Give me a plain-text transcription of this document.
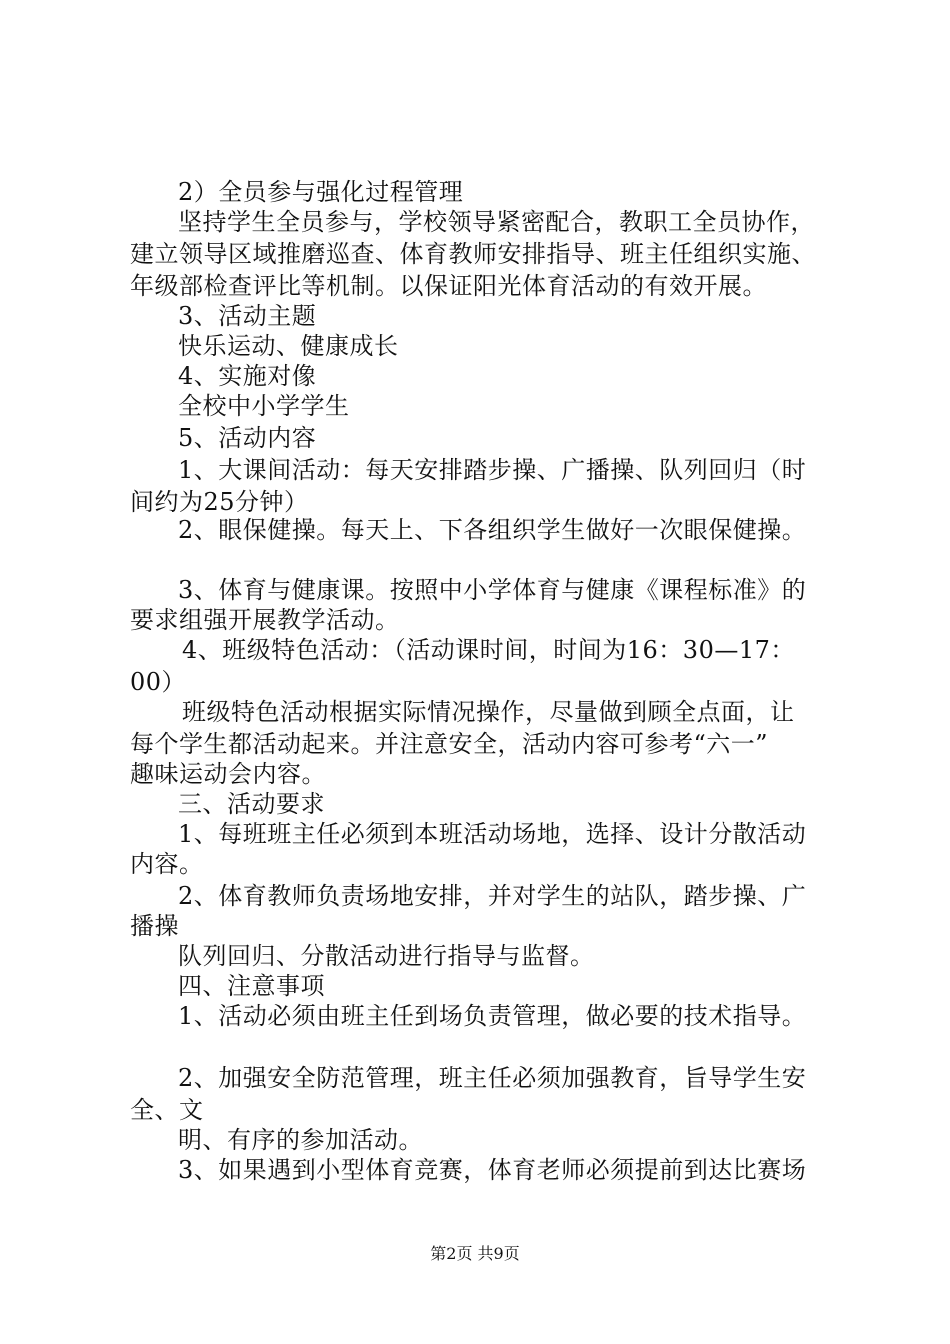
2）全员参与强化过程管理
坚持学生全员参与，学校领导紧密配合，教职工全员协作，
建立领导区域推磨巡查、体育教师安排指导、班主任组织实施、
年级部检查评比等机制。以保证阳光体育活动的有效开展。
3、活动主题
快乐运动、健康成长
4、实施对像
全校中小学学生
5、活动内容
1、大课间活动：每天安排踏步操、广播操、队列回归（时
间约为25分钟）
2、眼保健操。每天上、下各组织学生做好一次眼保健操。
3、体育与健康课。按照中小学体育与健康《课程标准》的
要求组强开展教学活动。
4、班级特色活动：（活动课时间，时间为16：30—17：
00）
班级特色活动根据实际情况操作，尽量做到顾全点面，让
每个学生都活动起来。并注意安全，活动内容可参考“六一”
趣味运动会内容。
三、活动要求
1、每班班主任必须到本班活动场地，选择、设计分散活动
内容。
2、体育教师负责场地安排，并对学生的站队，踏步操、广
播操
队列回归、分散活动进行指导与监督。
四、注意事项
1、活动必须由班主任到场负责管理，做必要的技术指导。
2、加强安全防范管理，班主任必须加强教育，旨导学生安
全、文
明、有序的参加活动。
3、如果遇到小型体育竞赛，体育老师必须提前到达比赛场
第2页 共9页
